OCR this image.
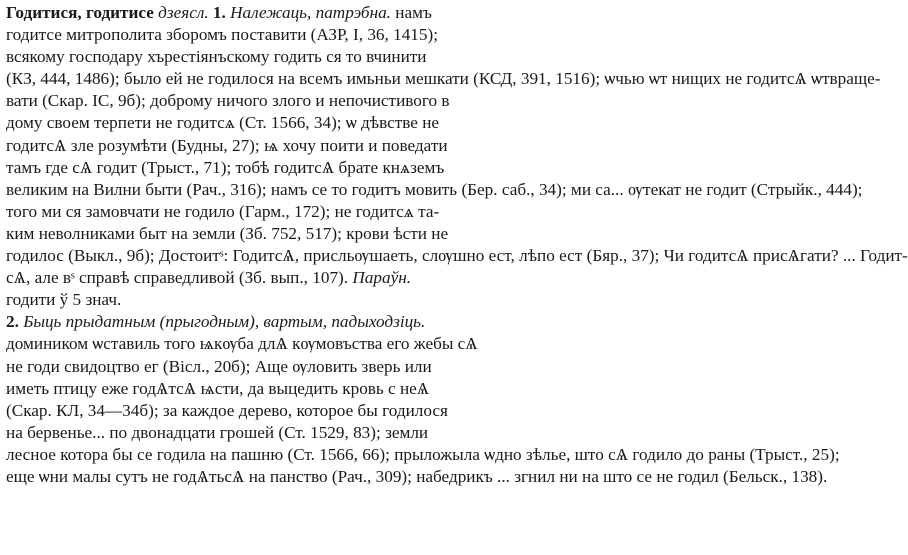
Годитися, годитисе дзеясл. 1. Належаць, патрэбна. намъ
годитсе митрополита зборомъ поставити (АЗР, I, 36, 1415);
всякому господару хърестіянъскому годить ся то вчинити
(КЗ, 444, 1486); было ей не годилося на всемъ имьньи мешкати (КСД, 391, 1516); ѡчью ѡт нищих не годитсѦ ѡтвраще-
вати (Скар. IС, 9б); доброму ничого злого и непочистивого в
дому своем терпети не годитсѧ (Ст. 1566, 34); ѡ дѣвстве не
годитсѦ зле розумѣти (Будны, 27); ѩ хочу поити и поведати
тамъ где сѦ годит (Трыст., 71); тобѣ годитсѦ брате кнѧземъ
великим на Вилни быти (Рач., 316); намъ се то годитъ мовить (Бер. саб., 34); ми са... ѹтекат не годит (Стрыйк., 444);
того ми ся замовчати не годило (Гарм., 172); не годитсѧ та-
ким неволниками быт на земли (Зб. 752, 517); крови ѣсти не
годилос (Выкл., 9б); Достоитˢ: ГодитсѦ, присльѹшаеть, слѹшно ест, лѣпо ест (Бяр., 37); Чи годитсѦ присѦгати? ... Годит-
сѦ, але вˢ справѣ справедливой (Зб. вып., 107). Параўн.
годити ў 5 знач.
2. Быць прыдатным (прыгодным), вартым, падыходзіць.
домиником ѡставиль того ѩкѹба длѦ кѹмовъства его жебы сѦ
не годи свидоцтво ег (Вісл., 20б); Аще ѹловить зверь или
иметь птицу еже годѦтсѦ ѩсти, да выцедить кровь с неѦ
(Скар. КЛ, 34—34б); за каждое дерево, которое бы годилося
на бервенье... по двонадцати грошей (Ст. 1529, 83); земли
лесное котора бы се годила на пашню (Ст. 1566, 66); прыложыла ѡдно зѣлье, што сѦ годило до раны (Трыст., 25);
еще ѡни малы сутъ не годѦтьсѦ на панство (Рач., 309); набедрикъ ... згнил ни на што се не годил (Бельск., 138).
